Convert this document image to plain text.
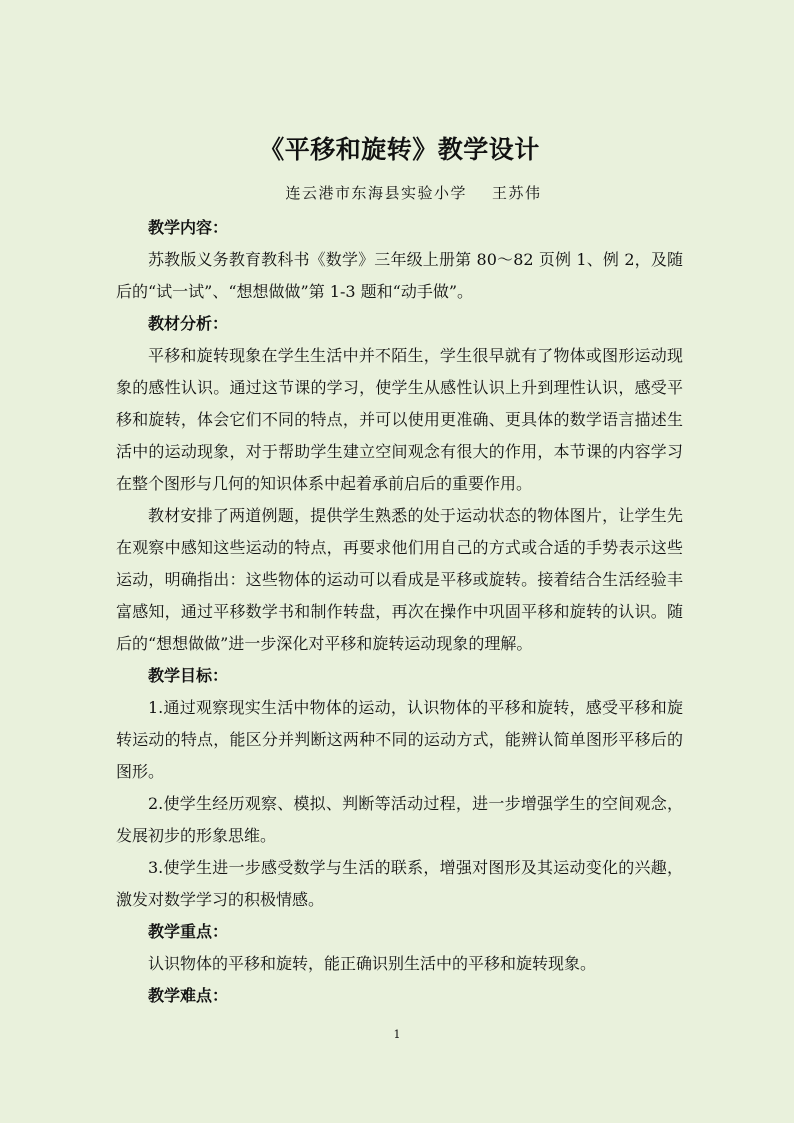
《平移和旋转》教学设计
连云港市东海县实验小学    王苏伟
教学内容：

苏教版义务教育教科书《数学》三年级上册第 80～82 页例 1、例 2，及随后的“试一试”、“想想做做”第 1-3 题和“动手做”。

教材分析：

平移和旋转现象在学生生活中并不陌生，学生很早就有了物体或图形运动现象的感性认识。通过这节课的学习，使学生从感性认识上升到理性认识，感受平移和旋转，体会它们不同的特点，并可以使用更准确、更具体的数学语言描述生活中的运动现象，对于帮助学生建立空间观念有很大的作用，本节课的内容学习在整个图形与几何的知识体系中起着承前启后的重要作用。

教材安排了两道例题，提供学生熟悉的处于运动状态的物体图片，让学生先在观察中感知这些运动的特点，再要求他们用自己的方式或合适的手势表示这些运动，明确指出：这些物体的运动可以看成是平移或旋转。接着结合生活经验丰富感知，通过平移数学书和制作转盘，再次在操作中巩固平移和旋转的认识。随后的“想想做做”进一步深化对平移和旋转运动现象的理解。

教学目标：

1.通过观察现实生活中物体的运动，认识物体的平移和旋转，感受平移和旋转运动的特点，能区分并判断这两种不同的运动方式，能辨认简单图形平移后的图形。

2.使学生经历观察、模拟、判断等活动过程，进一步增强学生的空间观念，发展初步的形象思维。

3.使学生进一步感受数学与生活的联系，增强对图形及其运动变化的兴趣，激发对数学学习的积极情感。

教学重点：

认识物体的平移和旋转，能正确识别生活中的平移和旋转现象。

教学难点：
1
